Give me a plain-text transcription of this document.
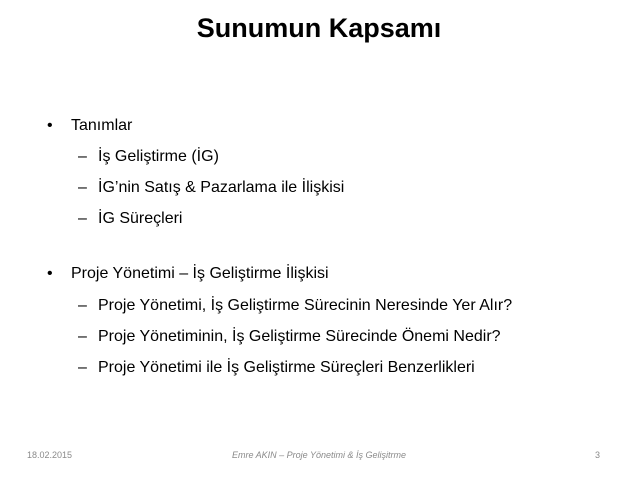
Sunumun Kapsamı
• Tanımlar
– İş Geliştirme (İG)
– İG’nin Satış & Pazarlama ile İlişkisi
– İG Süreçleri
• Proje Yönetimi – İş Geliştirme İlişkisi
– Proje Yönetimi, İş Geliştirme Sürecinin Neresinde Yer Alır?
– Proje Yönetiminin, İş Geliştirme Sürecinde Önemi Nedir?
– Proje Yönetimi ile İş Geliştirme Süreçleri Benzerlikleri
18.02.2015	Emre AKIN – Proje Yönetimi & İş Gelişitrme	3
